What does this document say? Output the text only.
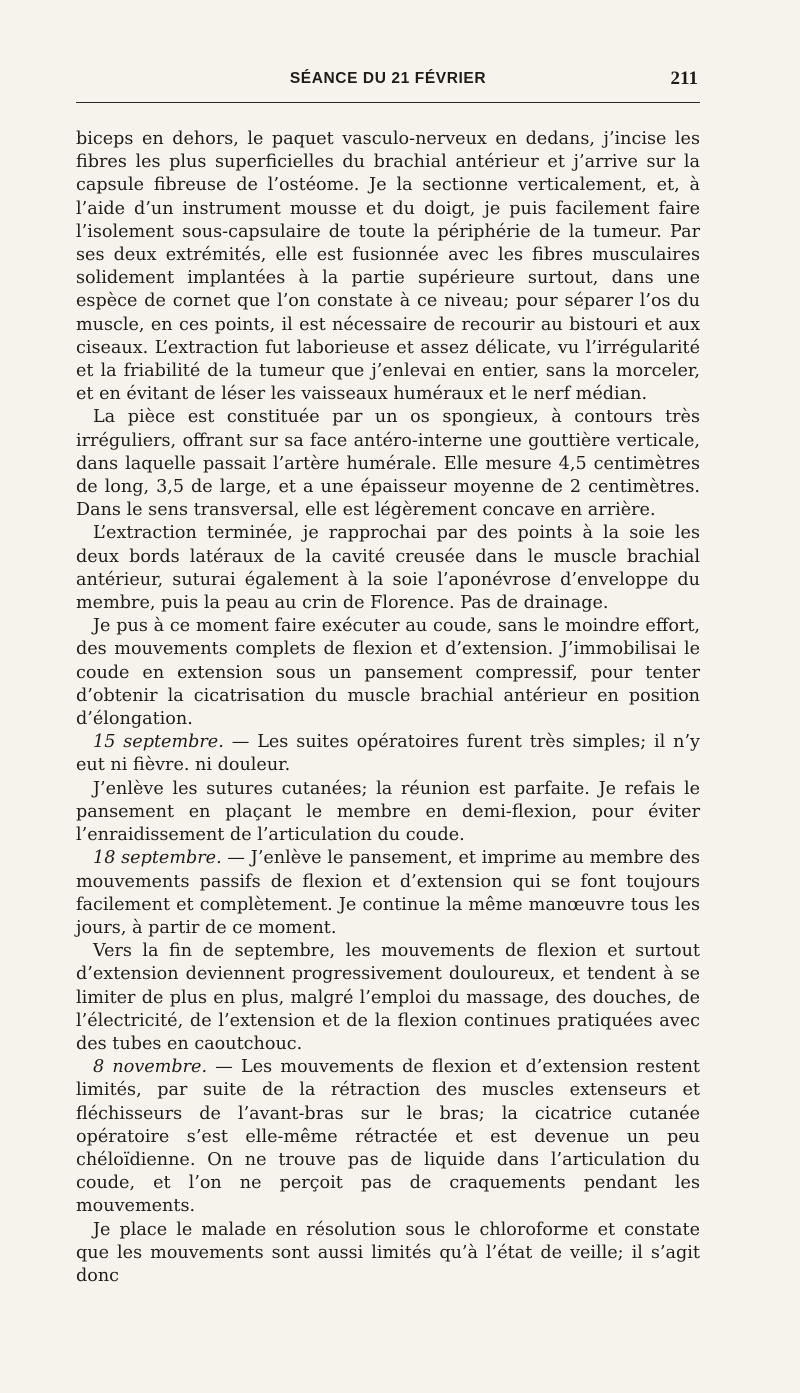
SÉANCE DU 21 FÉVRIER	211

biceps en dehors, le paquet vasculo-nerveux en dedans, j’incise les fibres les plus superficielles du brachial antérieur et j’arrive sur la capsule fibreuse de l’ostéome. Je la sectionne verticalement, et, à l’aide d’un instrument mousse et du doigt, je puis facilement faire l’isolement sous-capsulaire de toute la périphérie de la tumeur. Par ses deux extrémités, elle est fusionnée avec les fibres musculaires solidement implantées à la partie supérieure surtout, dans une espèce de cornet que l’on constate à ce niveau; pour séparer l’os du muscle, en ces points, il est nécessaire de recourir au bistouri et aux ciseaux. L’extraction fut laborieuse et assez délicate, vu l’irrégularité et la friabilité de la tumeur que j’enlevai en entier, sans la morceler, et en évitant de léser les vaisseaux huméraux et le nerf médian.

La pièce est constituée par un os spongieux, à contours très irréguliers, offrant sur sa face antéro-interne une gouttière verticale, dans laquelle passait l’artère humérale. Elle mesure 4,5 centimètres de long, 3,5 de large, et a une épaisseur moyenne de 2 centimètres. Dans le sens transversal, elle est légèrement concave en arrière.

L’extraction terminée, je rapprochai par des points à la soie les deux bords latéraux de la cavité creusée dans le muscle brachial antérieur, suturai également à la soie l’aponévrose d’enveloppe du membre, puis la peau au crin de Florence. Pas de drainage.

Je pus à ce moment faire exécuter au coude, sans le moindre effort, des mouvements complets de flexion et d’extension. J’immobilisai le coude en extension sous un pansement compressif, pour tenter d’obtenir la cicatrisation du muscle brachial antérieur en position d’élongation.

15 septembre. — Les suites opératoires furent très simples; il n’y eut ni fièvre. ni douleur.

J’enlève les sutures cutanées; la réunion est parfaite. Je refais le pansement en plaçant le membre en demi-flexion, pour éviter l’enraidissement de l’articulation du coude.

18 septembre. — J’enlève le pansement, et imprime au membre des mouvements passifs de flexion et d’extension qui se font toujours facilement et complètement. Je continue la même manœuvre tous les jours, à partir de ce moment.

Vers la fin de septembre, les mouvements de flexion et surtout d’extension deviennent progressivement douloureux, et tendent à se limiter de plus en plus, malgré l’emploi du massage, des douches, de l’électricité, de l’extension et de la flexion continues pratiquées avec des tubes en caoutchouc.

8 novembre. — Les mouvements de flexion et d’extension restent limités, par suite de la rétraction des muscles extenseurs et fléchisseurs de l’avant-bras sur le bras; la cicatrice cutanée opératoire s’est elle-même rétractée et est devenue un peu chéloïdienne. On ne trouve pas de liquide dans l’articulation du coude, et l’on ne perçoit pas de craquements pendant les mouvements.

Je place le malade en résolution sous le chloroforme et constate que les mouvements sont aussi limités qu’à l’état de veille; il s’agit donc
